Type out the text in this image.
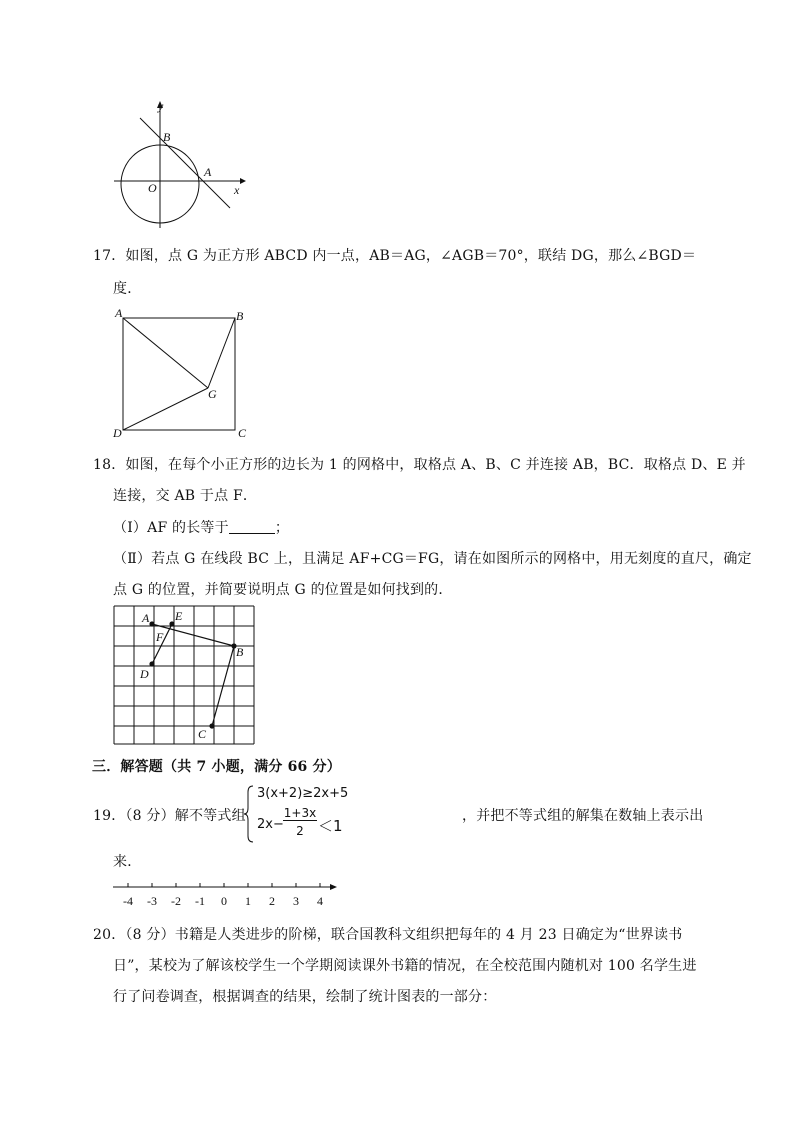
y
x
B
A
O
17．如图，点 G 为正方形 ABCD 内一点，AB＝AG，∠AGB＝70°，联结 DG，那么∠BGD＝
度．
A	B
C
D
G
18．如图，在每个小正方形的边长为 1 的网格中，取格点 A、B、C 并连接 AB，BC．取格点 D、E 并
连接，交 AB 于点 F．
（Ⅰ）AF 的长等于	；
（Ⅱ）若点 G 在线段 BC 上，且满足 AF+CG＝FG，请在如图所示的网格中，用无刻度的直尺，确定
点 G 的位置，并简要说明点 G 的位置是如何找到的．
A E
F
B
D
C
三．解答题（共 7 小题，满分 66 分）
19．（8 分）解不等式组
3(x+2)≥2x+5
2x−
1+3x
2 ＜1
，并把不等式组的解集在数轴上表示出
来．
-4 -3 -2 -1 0 1 2 3 4
20．（8 分）书籍是人类进步的阶梯，联合国教科文组织把每年的 4 月 23 日确定为“世界读书
日”，某校为了解该校学生一个学期阅读课外书籍的情况，在全校范围内随机对 100 名学生进
行了问卷调查，根据调查的结果，绘制了统计图表的一部分：
